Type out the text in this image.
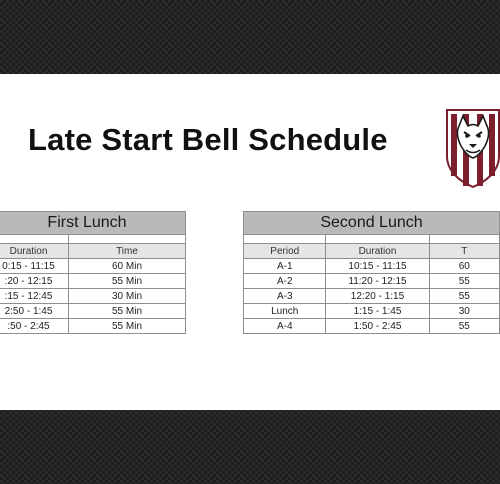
Late Start Bell Schedule
First Lunch	

Duration	Time
0:15 - 11:15	60 Min
:20 - 12:15	55 Min
:15 - 12:45	30 Min
2:50 - 1:45	55 Min
:50 - 2:45	55 Min
Second Lunch		

Period	Duration	T
A-1	10:15 - 11:15	60
A-2	11:20 - 12:15	55
A-3	12:20 - 1:15	55
Lunch	1:15 - 1:45	30
A-4	1:50 - 2:45	55
